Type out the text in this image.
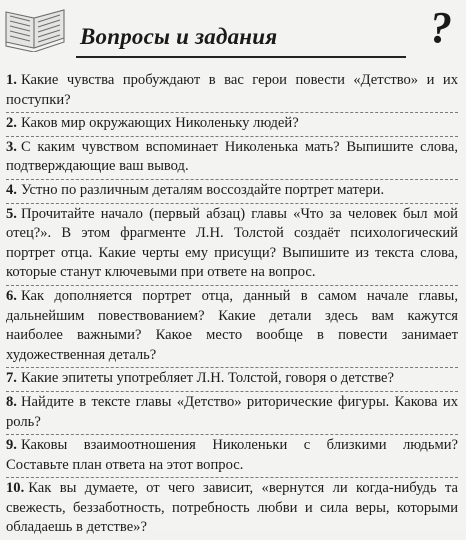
Вопросы и задания	?
1. Какие чувства пробуждают в вас герои повести «Детство» и их поступки?
2. Каков мир окружающих Николеньку людей?
3. С каким чувством вспоминает Николенька мать? Выпишите слова, подтверждающие ваш вывод.
4. Устно по различным деталям воссоздайте портрет матери.
5. Прочитайте начало (первый абзац) главы «Что за человек был мой отец?». В этом фрагменте Л.Н. Толстой создаёт психологический портрет отца. Какие черты ему присущи? Выпишите из текста слова, которые станут ключевыми при ответе на вопрос.
6. Как дополняется портрет отца, данный в самом начале главы, дальнейшим повествованием? Какие детали здесь вам кажутся наиболее важными? Какое место вообще в повести занимает художественная деталь?
7. Какие эпитеты употребляет Л.Н. Толстой, говоря о детстве?
8. Найдите в тексте главы «Детство» риторические фигуры. Какова их роль?
9. Каковы взаимоотношения Николеньки с близкими людьми? Составьте план ответа на этот вопрос.
10. Как вы думаете, от чего зависит, «вернутся ли когда-нибудь та свежесть, беззаботность, потребность любви и сила веры, которыми обладаешь в детстве»?
